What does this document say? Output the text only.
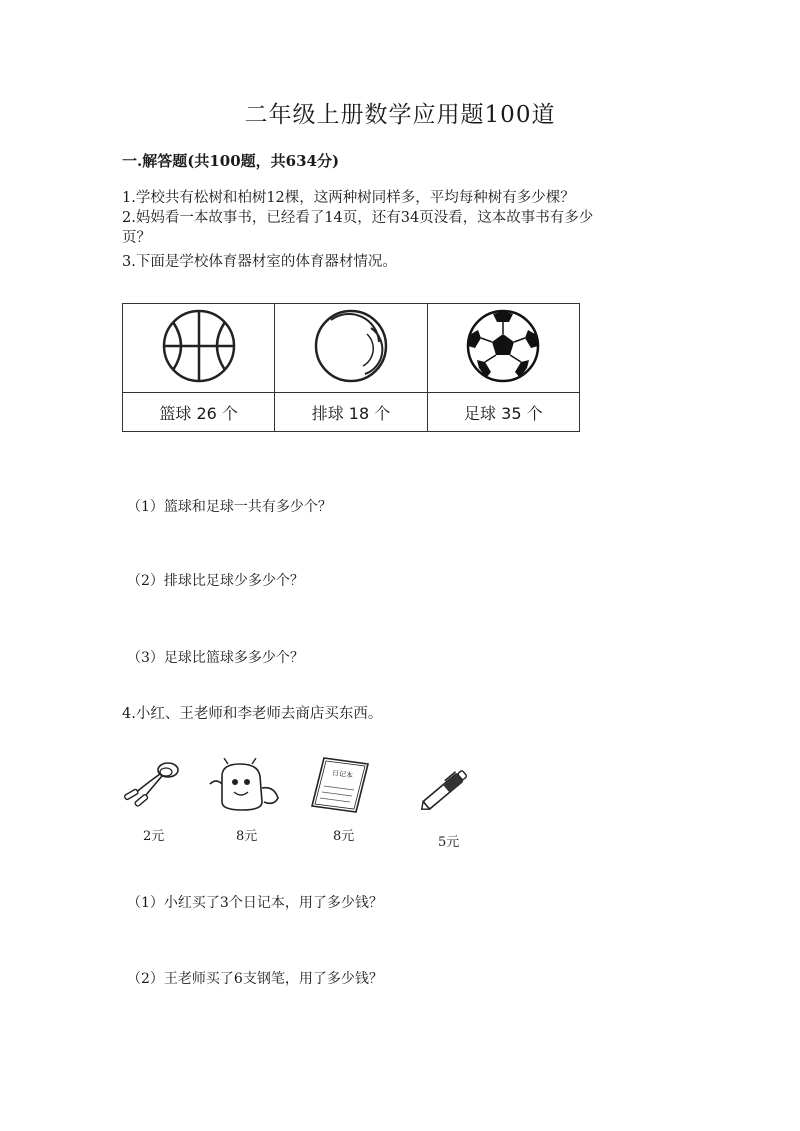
二年级上册数学应用题100道
一.解答题(共100题，共634分)
1.学校共有松树和柏树12棵，这两种树同样多，平均每种树有多少棵？
2.妈妈看一本故事书，已经看了14页，还有34页没看，这本故事书有多少
页？
3.下面是学校体育器材室的体育器材情况。

篮球 26 个	排球 18 个	足球 35 个
（1）篮球和足球一共有多少个？
（2）排球比足球少多少个？
（3）足球比篮球多多少个？
4.小红、王老师和李老师去商店买东西。
2元	8元
日记本
8元	5元
（1）小红买了3个日记本，用了多少钱？
（2）王老师买了6支钢笔，用了多少钱？
